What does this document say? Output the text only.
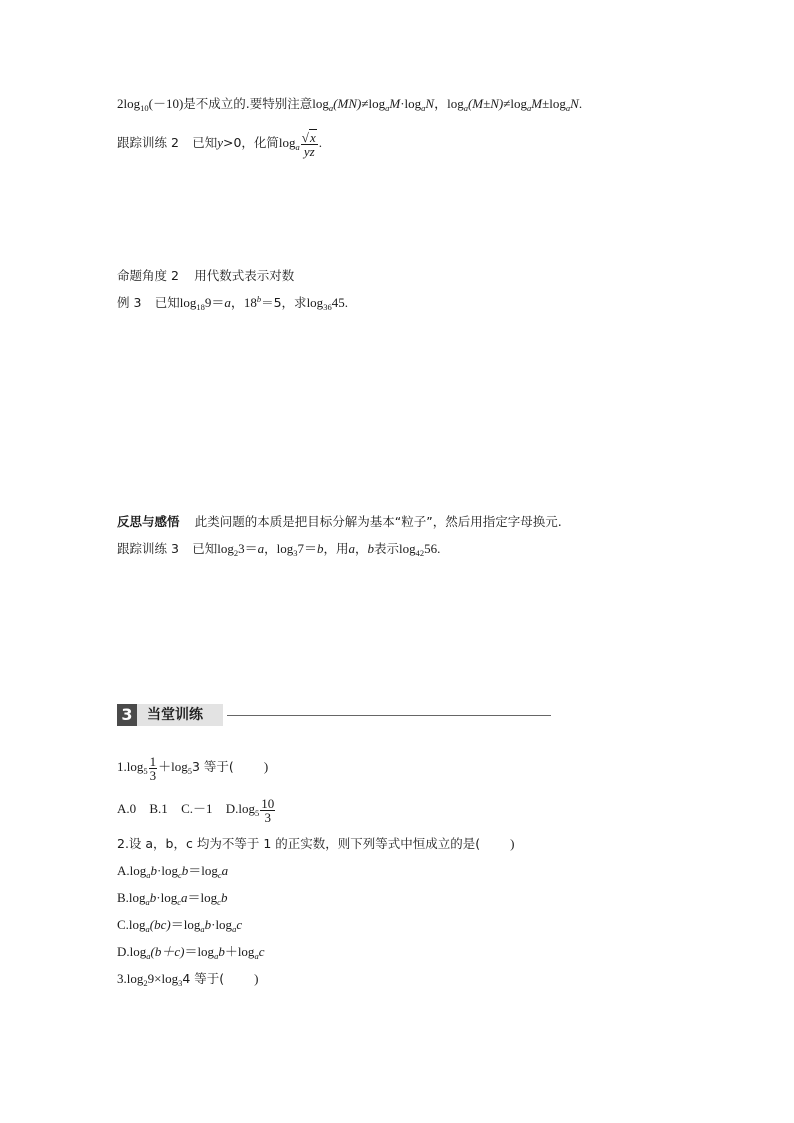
$2\log_{10}(-10)$是不成立的.要特别注意$\log_a(MN)\ne\log_aM\cdot\log_aN$，$\log_a(M\pm N)\ne\log_aM\pm\log_aN$.
跟踪训练 2 已知y>0，化简$\log_a \frac{√x}{yz}$ .
命题角度 2 用代数式表示对数
例 3 已知$\log_{18}9=a$，$18^b=5$，求$\log_{36}45$.
反思与感悟 此类问题的本质是把目标分解为基本“粒子”，然后用指定字母换元.
跟踪训练 3 已知$\log_23=a$，$\log_37=b$，用a，b表示$\log_{42}56$.
3	当堂训练
$1.\log_5 \frac{1}{3} +\log_53$ 等于( )
A.0 B.1 C.－1 $D.\log_5 \frac{10}{3}$
2.设 a，b，c 均为不等于 1 的正实数，则下列等式中恒成立的是( )
$A.\log_ab\cdot\log_cb=\log_ca$
$B.\log_ab\cdot\log_ca=\log_cb$
$C.\log_a(bc)=\log_ab\cdot\log_ac$
$D.\log_a(b+c)=\log_ab+\log_ac$
$3.\log_29\times\log_34$ 等于( )
